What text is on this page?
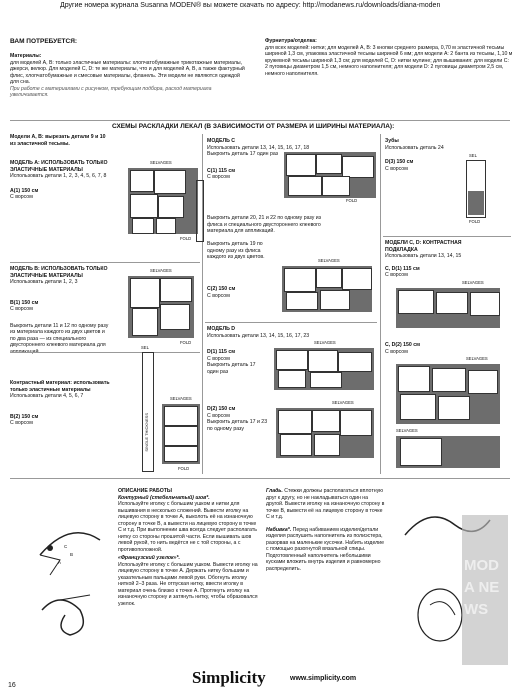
Другие номера журнала Susanna MODEN® вы можете скачать по адресу: http://modanews.ru/downloads/diana-moden
ВАМ ПОТРЕБУЕТСЯ:
Материалы:
для моделей A, B: только эластичные материалы: хлопчатобумажные трикотажные материалы, джерси, велюр. Для моделей C, D: те же материалы, что и для моделей A, B, а также фактурный флис, хлопчатобумажные и смесовые материалы, фланель. Эти модели не являются одеждой для сна.
При работе с материалами с рисунком, требующим подбора, расход материала увеличивается.
Фурнитура/отделка:
для всех моделей: нитки; для моделей A, B: 3 кнопки среднего размера, 0,70 м эластичной тесьмы шириной 1,3 см, упаковка эластичной тесьмы шириной 6 мм; для модели A: 2 банта из тесьмы, 1,10 м кружевной тесьмы шириной 1,3 см; для моделей C, D: нитки мулине; для вышивания: для модели C: 2 пуговицы диаметром 1,5 см, немного наполнителя; для модели D: 2 пуговицы диаметром 2,5 см, немного наполнителя.
СХЕМЫ РАСКЛАДКИ ЛЕКАЛ (В ЗАВИСИМОСТИ ОТ РАЗМЕРА И ШИРИНЫ МАТЕРИАЛА):
Модели A, B: вырезать детали 9 и 10 из эластичной тесьмы.
МОДЕЛЬ A: ИСПОЛЬЗОВАТЬ ТОЛЬКО ЭЛАСТИЧНЫЕ МАТЕРИАЛЫ
Использовать детали 1, 2, 3, 4, 5, 6, 7, 8
A(1) 150 см
С ворсом
SELVAGES
FOLD
МОДЕЛЬ B: ИСПОЛЬЗОВАТЬ ТОЛЬКО ЭЛАСТИЧНЫЕ МАТЕРИАЛЫ
Использовать детали 1, 2, 3
B(1) 150 см
С ворсом
Выкроить детали 11 и 12 по одному разу из материала каждого из двух цветов и по два раза — из специального двустороннего клеевого материала для
SELVAGES
FOLD
Контрастный материал: использовать только эластичные материалы
Использовать детали 4, 5, 6, 7
B(2) 150 см
С ворсом
SEL
SINGLE THICKNESS
SELVAGES
FOLD
МОДЕЛЬ C
Использовать детали 13, 14, 15, 16, 17, 18
Выкроить деталь 17 один раз
C(1) 115 см
С ворсом
FOLD
Выкроить детали 20, 21 и 22 по одному разу из флиса и специального двустороннего клеевого материала для аппликаций.
Выкроить деталь 19 по одному разу из флиса каждого из двух цветов.
SELVAGES
C(2) 150 см
С ворсом
МОДЕЛЬ D
Использовать детали 13, 14, 15, 16, 17, 23
D(1) 115 см
С ворсом
Выкроить деталь 17 один раз
SELVAGES
SELVAGES
D(2) 150 см
С ворсом
Выкроить деталь 17 и 23 по одному разу
Зубы
Использовать деталь 24
D(3) 150 см
С ворсом
SEL
FOLD
МОДЕЛИ C, D: КОНТРАСТНАЯ ПОДКЛАДКА
Использовать детали 13, 14, 15
C, D(1) 115 см
С ворсом
SELVAGES
C, D(2) 150 см
С ворсом
SELVAGES
SELVAGES
A
B
C
ОПИСАНИЕ РАБОТЫ
Контурный (стебельчатый) шов*.
Используйте иголку с большим ушком и нитки для вышивания в несколько сложений. Вывести иголку на лицевую сторону в точке A, выколоть её на изнаночную сторону в точке B, а вывести на лицевую сторону в точке C и т.д. При выполнении шва всегда следует располагать нитку со стороны прошитой части. Если вышивать шов левой рукой, то нить ведётся не с той стороны, а с противоположной.
«Французский узелок»*.
Используйте иголку с большим ушком. Вывести иголку на лицевую сторону в точке A. Держать нитку большим и указательным пальцами левой руки. Обогнуть иголку ниткой 2–3 раза. Не отпуская нитку, ввести иголку в материал очень близко к точке A. Протянуть иголку на изнаночную сторону и затянуть нитку, чтобы образовался узелок.
Гладь. Стежки должны располагаться вплотную друг к другу, но не накладываться один на другой. Вывести иголку на изнаночную сторону в точке B, вывести её на лицевую сторону в точке C и т.д.
Набивка*. Перед набиванием изделия/детали изделия распушить наполнитель из полиэстера, разорвав на маленькие кусочки. Набить изделие с помощью разогнутой вязальной спицы. Подготовленный наполнитель небольшими кусками вложить внутрь изделия и равномерно распределить.	MODA NEWS
16	Simplicity	www.simplicity.com
